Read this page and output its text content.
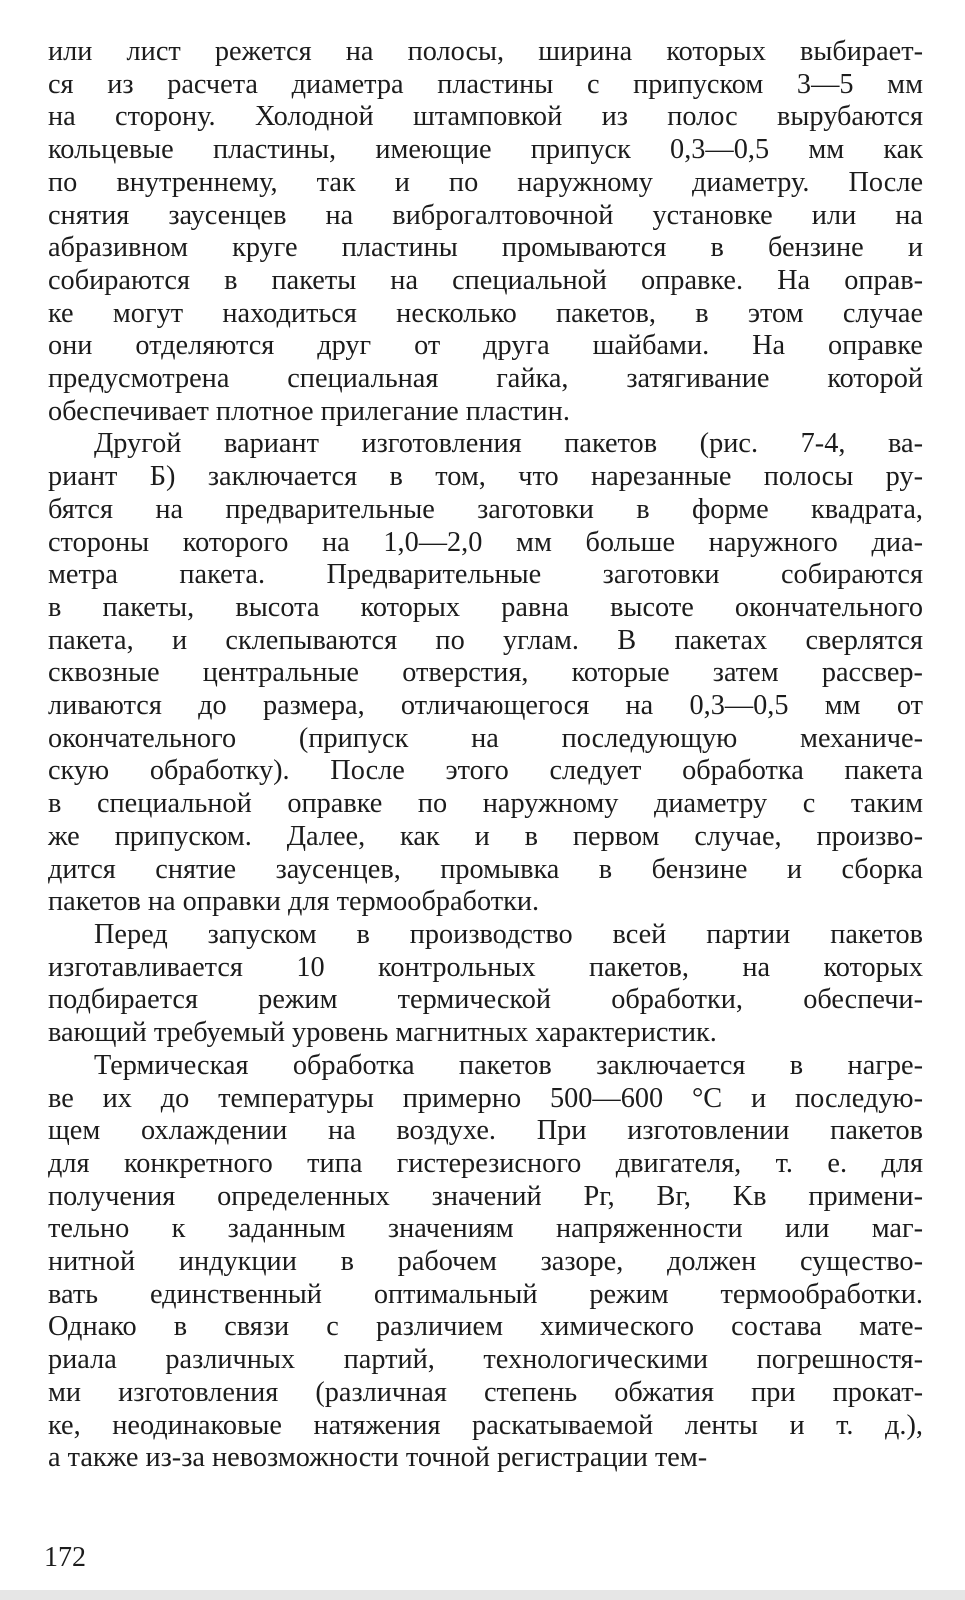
или лист режется на полосы, ширина которых выбирает-
ся из расчета диаметра пластины с припуском 3—5 мм
на сторону. Холодной штамповкой из полос вырубаются
кольцевые пластины, имеющие припуск 0,3—0,5 мм как
по внутреннему, так и по наружному диаметру. После
снятия заусенцев на виброгалтовочной установке или на
абразивном круге пластины промываются в бензине и
собираются в пакеты на специальной оправке. На оправ-
ке могут находиться несколько пакетов, в этом случае
они отделяются друг от друга шайбами. На оправке
предусмотрена специальная гайка, затягивание которой
обеспечивает плотное прилегание пластин.
Другой вариант изготовления пакетов (рис. 7-4, ва-
риант Б) заключается в том, что нарезанные полосы ру-
бятся на предварительные заготовки в форме квадрата,
стороны которого на 1,0—2,0 мм больше наружного диа-
метра пакета. Предварительные заготовки собираются
в пакеты, высота которых равна высоте окончательного
пакета, и склепываются по углам. В пакетах сверлятся
сквозные центральные отверстия, которые затем рассвер-
ливаются до размера, отличающегося на 0,3—0,5 мм от
окончательного (припуск на последующую механиче-
скую обработку). После этого следует обработка пакета
в специальной оправке по наружному диаметру с таким
же припуском. Далее, как и в первом случае, произво-
дится снятие заусенцев, промывка в бензине и сборка
пакетов на оправки для термообработки.
Перед запуском в производство всей партии пакетов
изготавливается 10 контрольных пакетов, на которых
подбирается режим термической обработки, обеспечи-
вающий требуемый уровень магнитных характеристик.
Термическая обработка пакетов заключается в нагре-
ве их до температуры примерно 500—600 °С и последую-
щем охлаждении на воздухе. При изготовлении пакетов
для конкретного типа гистерезисного двигателя, т. е. для
получения определенных значений Pг, Bг, Kв примени-
тельно к заданным значениям напряженности или маг-
нитной индукции в рабочем зазоре, должен существо-
вать единственный оптимальный режим термообработки.
Однако в связи с различием химического состава мате-
риала различных партий, технологическими погрешностя-
ми изготовления (различная степень обжатия при прокат-
ке, неодинаковые натяжения раскатываемой ленты и т. д.),
а также из-за невозможности точной регистрации тем-
172
